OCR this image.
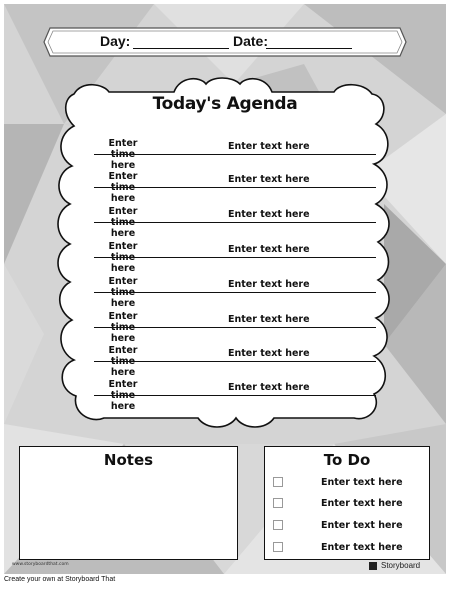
Day:	Date:
Today's Agenda
Enter time here
Enter text here
Enter time here
Enter text here
Enter time here
Enter text here
Enter time here
Enter text here
Enter time here
Enter text here
Enter time here
Enter text here
Enter time here
Enter text here
Enter time here
Enter text here
Notes	To Do
Enter text here
Enter text here
Enter text here
Enter text here
www.storyboardthat.com	Storyboard
Create your own at Storyboard That
